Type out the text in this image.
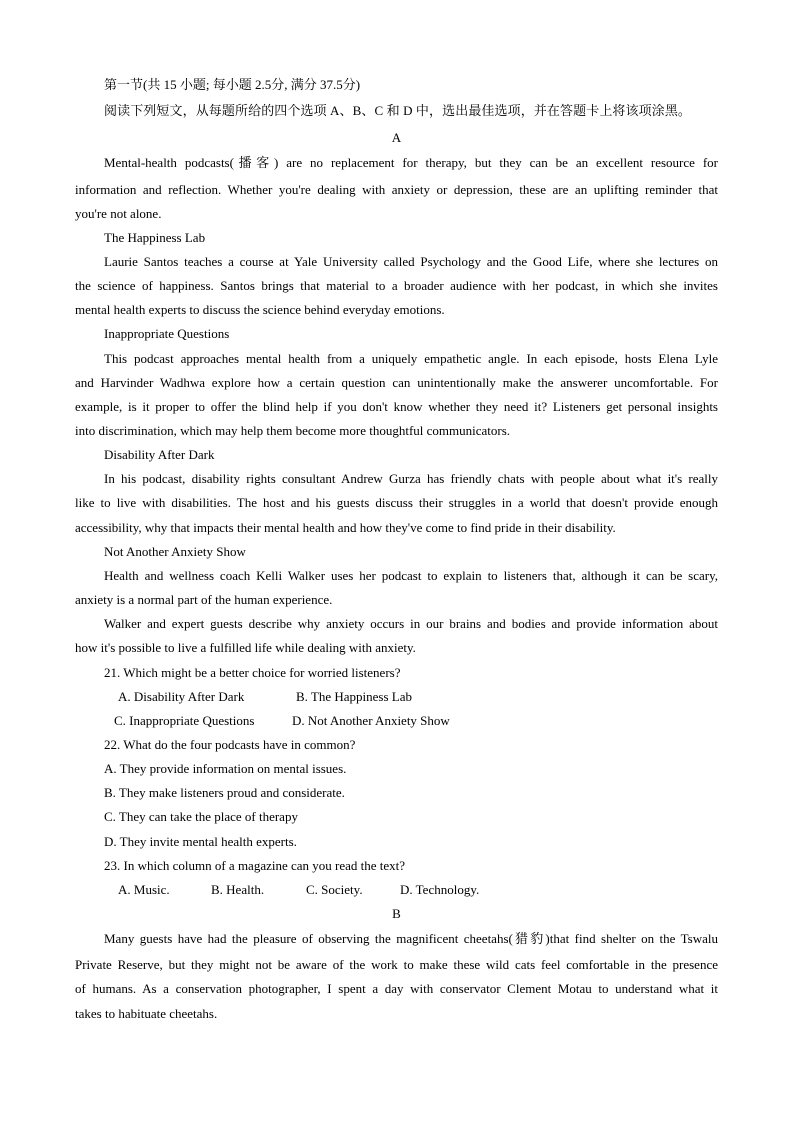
第一节(共 15 小题; 每小题 2.5分, 满分 37.5分)
阅读下列短文，从每题所给的四个选项 A、B、C 和 D 中，选出最佳选项，并在答题卡上将该项涂黑。
A
Mental-health podcasts(播客) are no replacement for therapy, but they can be an excellent resource for
information and reflection. Whether you're dealing with anxiety or depression, these are an uplifting reminder that
you're not alone.
The Happiness Lab
Laurie Santos teaches a course at Yale University called Psychology and the Good Life, where she lectures on
the science of happiness. Santos brings that material to a broader audience with her podcast, in which she invites
mental health experts to discuss the science behind everyday emotions.
Inappropriate Questions
This podcast approaches mental health from a uniquely empathetic angle. In each episode, hosts Elena Lyle
and Harvinder Wadhwa explore how a certain question can unintentionally make the answerer uncomfortable. For
example, is it proper to offer the blind help if you don't know whether they need it? Listeners get personal insights
into discrimination, which may help them become more thoughtful communicators.
Disability After Dark
In his podcast, disability rights consultant Andrew Gurza has friendly chats with people about what it's really
like to live with disabilities. The host and his guests discuss their struggles in a world that doesn't provide enough
accessibility, why that impacts their mental health and how they've come to find pride in their disability.
Not Another Anxiety Show
Health and wellness coach Kelli Walker uses her podcast to explain to listeners that, although it can be scary,
anxiety is a normal part of the human experience.
Walker and expert guests describe why anxiety occurs in our brains and bodies and provide information about
how it's possible to live a fulfilled life while dealing with anxiety.
21. Which might be a better choice for worried listeners?
A. Disability After Dark	B. The Happiness Lab
C. Inappropriate Questions	D. Not Another Anxiety Show
22. What do the four podcasts have in common?
A. They provide information on mental issues.
B. They make listeners proud and considerate.
C. They can take the place of therapy
D. They invite mental health experts.
23. In which column of a magazine can you read the text?
A. Music.	B. Health.	C. Society.	D. Technology.
B
Many guests have had the pleasure of observing the magnificent cheetahs(猎豹)that find shelter on the Tswalu
Private Reserve, but they might not be aware of the work to make these wild cats feel comfortable in the presence
of humans. As a conservation photographer, I spent a day with conservator Clement Motau to understand what it
takes to habituate cheetahs.
